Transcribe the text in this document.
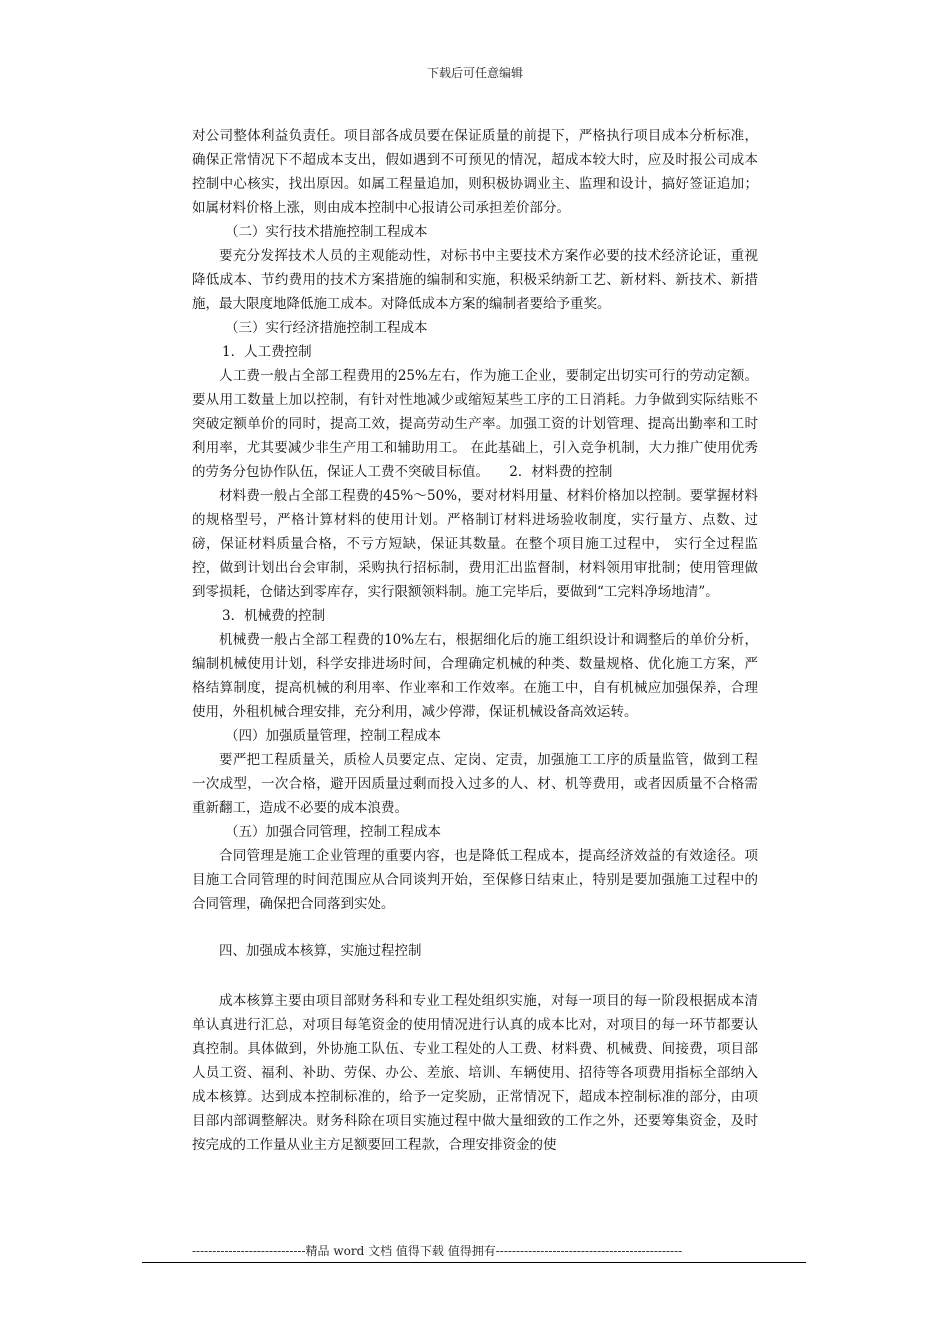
下载后可任意编辑

对公司整体利益负责任。项目部各成员要在保证质量的前提下，严格执行项目成本分析标准，确保正常情况下不超成本支出，假如遇到不可预见的情况，超成本较大时，应及时报公司成本控制中心核实，找出原因。如属工程量追加，则积极协调业主、监理和设计，搞好签证追加；如属材料价格上涨，则由成本控制中心报请公司承担差价部分。

（二）实行技术措施控制工程成本

要充分发挥技术人员的主观能动性，对标书中主要技术方案作必要的技术经济论证，重视降低成本、节约费用的技术方案措施的编制和实施，积极采纳新工艺、新材料、新技术、新措施，最大限度地降低施工成本。对降低成本方案的编制者要给予重奖。

（三）实行经济措施控制工程成本

1．人工费控制

人工费一般占全部工程费用的25%左右，作为施工企业，要制定出切实可行的劳动定额。要从用工数量上加以控制，有针对性地减少或缩短某些工序的工日消耗。力争做到实际结账不突破定额单价的同时，提高工效，提高劳动生产率。加强工资的计划管理、提高出勤率和工时利用率，尤其要减少非生产用工和辅助用工。 在此基础上，引入竞争机制，大力推广使用优秀的劳务分包协作队伍，保证人工费不突破目标值。　　2．材料费的控制

材料费一般占全部工程费的45%～50%，要对材料用量、材料价格加以控制。要掌握材料的规格型号，严格计算材料的使用计划。严格制订材料进场验收制度，实行量方、点数、过磅，保证材料质量合格，不亏方短缺，保证其数量。在整个项目施工过程中， 实行全过程监控，做到计划出台会审制，采购执行招标制，费用汇出监督制，材料领用审批制；使用管理做到零损耗，仓储达到零库存，实行限额领料制。施工完毕后，要做到“工完料净场地清”。

3．机械费的控制

机械费一般占全部工程费的10%左右，根据细化后的施工组织设计和调整后的单价分析，编制机械使用计划，科学安排进场时间，合理确定机械的种类、数量规格、优化施工方案，严格结算制度，提高机械的利用率、作业率和工作效率。在施工中，自有机械应加强保养，合理使用，外租机械合理安排，充分利用，减少停滞，保证机械设备高效运转。

（四）加强质量管理，控制工程成本

要严把工程质量关，质检人员要定点、定岗、定责，加强施工工序的质量监管，做到工程一次成型，一次合格，避开因质量过剩而投入过多的人、材、机等费用，或者因质量不合格需重新翻工，造成不必要的成本浪费。

（五）加强合同管理，控制工程成本

合同管理是施工企业管理的重要内容，也是降低工程成本，提高经济效益的有效途径。项目施工合同管理的时间范围应从合同谈判开始，至保修日结束止，特别是要加强施工过程中的合同管理，确保把合同落到实处。

四、加强成本核算，实施过程控制

成本核算主要由项目部财务科和专业工程处组织实施，对每一项目的每一阶段根据成本清单认真进行汇总，对项目每笔资金的使用情况进行认真的成本比对，对项目的每一环节都要认真控制。具体做到，外协施工队伍、专业工程处的人工费、材料费、机械费、间接费，项目部人员工资、福利、补助、劳保、办公、差旅、培训、车辆使用、招待等各项费用指标全部纳入成本核算。达到成本控制标准的，给予一定奖励，正常情况下，超成本控制标准的部分，由项目部内部调整解决。财务科除在项目实施过程中做大量细致的工作之外，还要筹集资金，及时按完成的工作量从业主方足额要回工程款，合理安排资金的使

----------------------------精品 word 文档 值得下载 值得拥有----------------------------------------------
